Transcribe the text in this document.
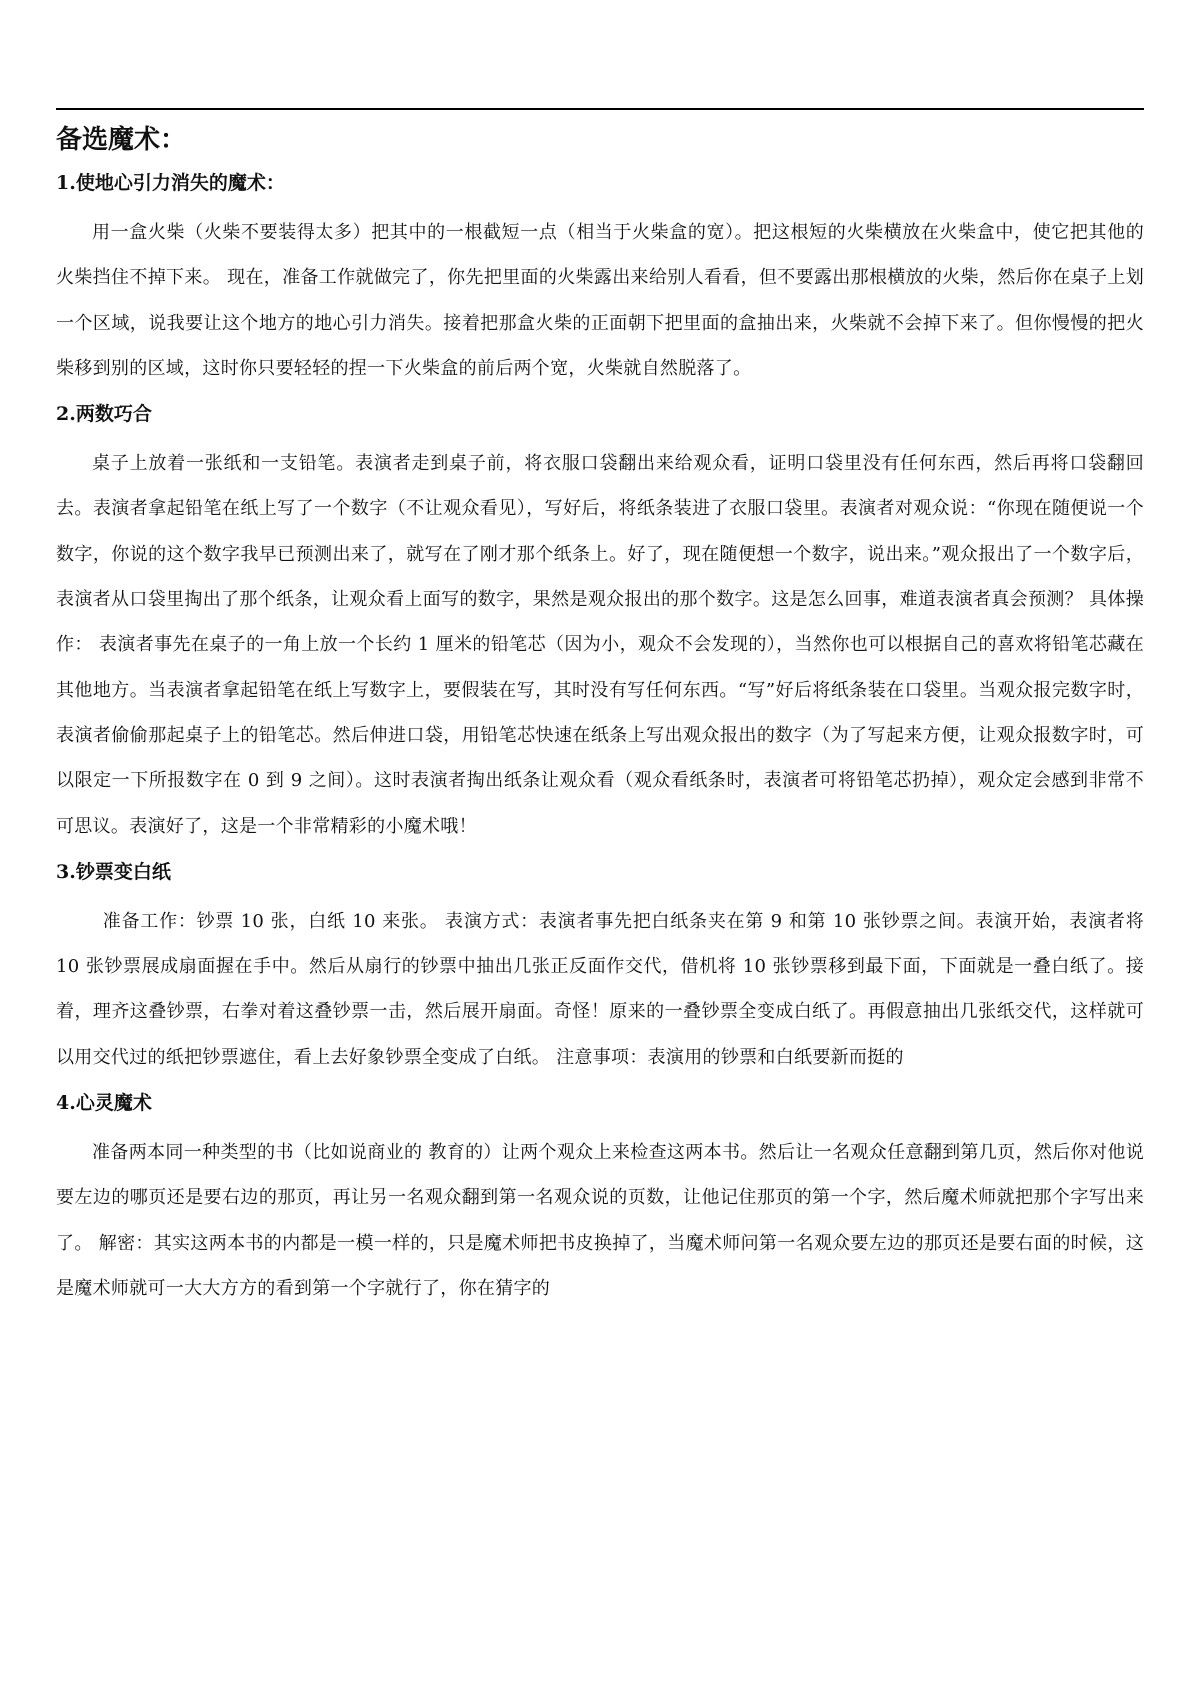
备选魔术：
1.使地心引力消失的魔术：

用一盒火柴（火柴不要装得太多）把其中的一根截短一点（相当于火柴盒的宽）。把这根短的火柴横放在火柴盒中，使它把其他的火柴挡住不掉下来。 现在，准备工作就做完了，你先把里面的火柴露出来给别人看看，但不要露出那根横放的火柴，然后你在桌子上划一个区域，说我要让这个地方的地心引力消失。接着把那盒火柴的正面朝下把里面的盒抽出来，火柴就不会掉下来了。但你慢慢的把火柴移到别的区域，这时你只要轻轻的捏一下火柴盒的前后两个宽，火柴就自然脱落了。

2.两数巧合

桌子上放着一张纸和一支铅笔。表演者走到桌子前，将衣服口袋翻出来给观众看，证明口袋里没有任何东西，然后再将口袋翻回去。表演者拿起铅笔在纸上写了一个数字（不让观众看见），写好后，将纸条装进了衣服口袋里。表演者对观众说：“你现在随便说一个数字，你说的这个数字我早已预测出来了，就写在了刚才那个纸条上。好了，现在随便想一个数字，说出来。”观众报出了一个数字后，表演者从口袋里掏出了那个纸条，让观众看上面写的数字，果然是观众报出的那个数字。这是怎么回事，难道表演者真会预测？ 具体操作： 表演者事先在桌子的一角上放一个长约 1 厘米的铅笔芯（因为小，观众不会发现的），当然你也可以根据自己的喜欢将铅笔芯藏在其他地方。当表演者拿起铅笔在纸上写数字上，要假装在写，其时没有写任何东西。“写”好后将纸条装在口袋里。当观众报完数字时，表演者偷偷那起桌子上的铅笔芯。然后伸进口袋，用铅笔芯快速在纸条上写出观众报出的数字（为了写起来方便，让观众报数字时，可以限定一下所报数字在 0 到 9 之间）。这时表演者掏出纸条让观众看（观众看纸条时，表演者可将铅笔芯扔掉），观众定会感到非常不可思议。表演好了，这是一个非常精彩的小魔术哦！

3.钞票变白纸

准备工作：钞票 10 张，白纸 10 来张。 表演方式：表演者事先把白纸条夹在第 9 和第 10 张钞票之间。表演开始，表演者将 10 张钞票展成扇面握在手中。然后从扇行的钞票中抽出几张正反面作交代，借机将 10 张钞票移到最下面，下面就是一叠白纸了。接着，理齐这叠钞票，右拳对着这叠钞票一击，然后展开扇面。奇怪！原来的一叠钞票全变成白纸了。再假意抽出几张纸交代，这样就可以用交代过的纸把钞票遮住，看上去好象钞票全变成了白纸。 注意事项：表演用的钞票和白纸要新而挺的

4.心灵魔术

准备两本同一种类型的书（比如说商业的 教育的）让两个观众上来检查这两本书。然后让一名观众任意翻到第几页，然后你对他说要左边的哪页还是要右边的那页，再让另一名观众翻到第一名观众说的页数，让他记住那页的第一个字，然后魔术师就把那个字写出来了。 解密：其实这两本书的内都是一模一样的，只是魔术师把书皮换掉了，当魔术师问第一名观众要左边的那页还是要右面的时候，这是魔术师就可一大大方方的看到第一个字就行了，你在猜字的
